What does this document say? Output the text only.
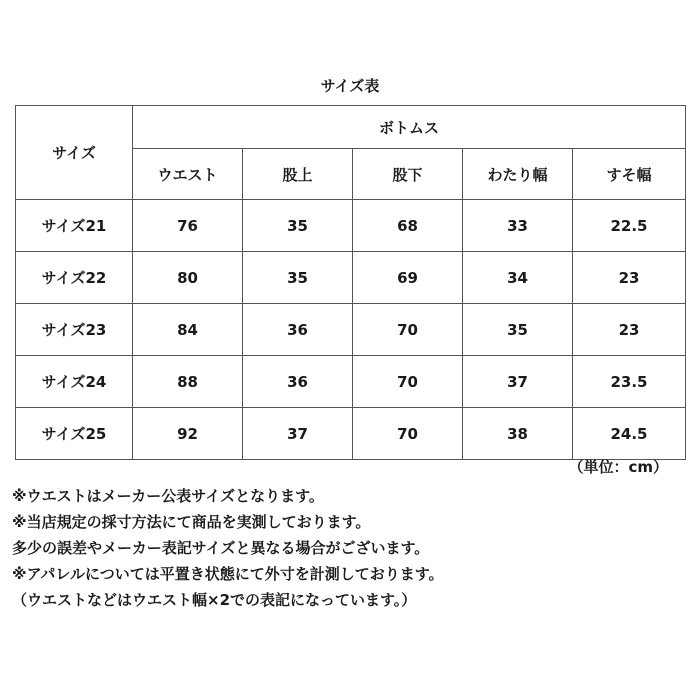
サイズ表
サイズ	ボトムス				
	ウエスト	股上	股下	わたり幅	すそ幅
サイズ21	76	35	68	33	22.5
サイズ22	80	35	69	34	23
サイズ23	84	36	70	35	23
サイズ24	88	36	70	37	23.5
サイズ25	92	37	70	38	24.5
（単位：cm）
※ウエストはメーカー公表サイズとなります。
※当店規定の採寸方法にて商品を実測しております。
多少の誤差やメーカー表記サイズと異なる場合がございます。
※アパレルについては平置き状態にて外寸を計測しております。
（ウエストなどはウエスト幅×2での表記になっています。）
